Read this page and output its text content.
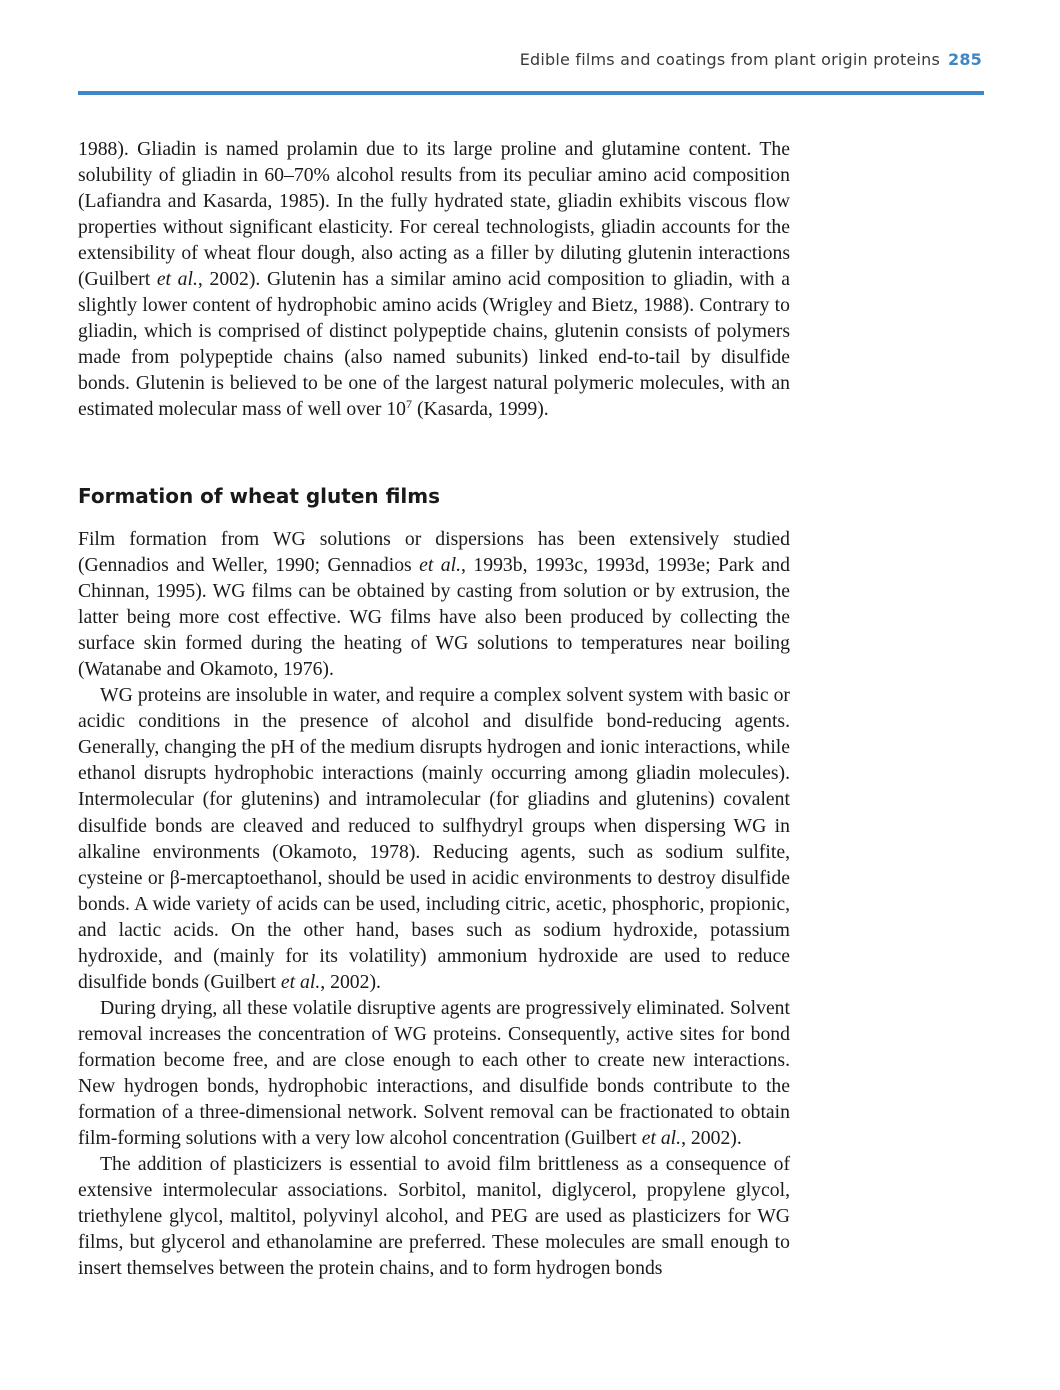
Edible films and coatings from plant origin proteins 285

1988). Gliadin is named prolamin due to its large proline and glutamine content. The solubility of gliadin in 60–70% alcohol results from its peculiar amino acid composition (Lafiandra and Kasarda, 1985). In the fully hydrated state, gliadin exhibits viscous flow properties without significant elasticity. For cereal technologists, gliadin accounts for the extensibility of wheat flour dough, also acting as a filler by diluting glutenin interactions (Guilbert et al., 2002). Glutenin has a similar amino acid composition to gliadin, with a slightly lower content of hydrophobic amino acids (Wrigley and Bietz, 1988). Contrary to gliadin, which is comprised of distinct polypeptide chains, glutenin consists of polymers made from polypeptide chains (also named subunits) linked end-to-tail by disulfide bonds. Glutenin is believed to be one of the largest natural polymeric molecules, with an estimated molecular mass of well over $10^7$ (Kasarda, 1999).

Formation of wheat gluten films

Film formation from WG solutions or dispersions has been extensively studied (Gennadios and Weller, 1990; Gennadios et al., 1993b, 1993c, 1993d, 1993e; Park and Chinnan, 1995). WG films can be obtained by casting from solution or by extrusion, the latter being more cost effective. WG films have also been produced by collecting the surface skin formed during the heating of WG solutions to temperatures near boiling (Watanabe and Okamoto, 1976).

WG proteins are insoluble in water, and require a complex solvent system with basic or acidic conditions in the presence of alcohol and disulfide bond-reducing agents. Generally, changing the pH of the medium disrupts hydrogen and ionic interactions, while ethanol disrupts hydrophobic interactions (mainly occurring among gliadin molecules). Intermolecular (for glutenins) and intramolecular (for gliadins and glutenins) covalent disulfide bonds are cleaved and reduced to sulfhydryl groups when dispersing WG in alkaline environments (Okamoto, 1978). Reducing agents, such as sodium sulfite, cysteine or β-mercaptoethanol, should be used in acidic environments to destroy disulfide bonds. A wide variety of acids can be used, including citric, acetic, phosphoric, propionic, and lactic acids. On the other hand, bases such as sodium hydroxide, potassium hydroxide, and (mainly for its volatility) ammonium hydroxide are used to reduce disulfide bonds (Guilbert et al., 2002).

During drying, all these volatile disruptive agents are progressively eliminated. Solvent removal increases the concentration of WG proteins. Consequently, active sites for bond formation become free, and are close enough to each other to create new interactions. New hydrogen bonds, hydrophobic interactions, and disulfide bonds contribute to the formation of a three-dimensional network. Solvent removal can be fractionated to obtain film-forming solutions with a very low alcohol concentration (Guilbert et al., 2002).

The addition of plasticizers is essential to avoid film brittleness as a consequence of extensive intermolecular associations. Sorbitol, manitol, diglycerol, propylene glycol, triethylene glycol, maltitol, polyvinyl alcohol, and PEG are used as plasticizers for WG films, but glycerol and ethanolamine are preferred. These molecules are small enough to insert themselves between the protein chains, and to form hydrogen bonds
